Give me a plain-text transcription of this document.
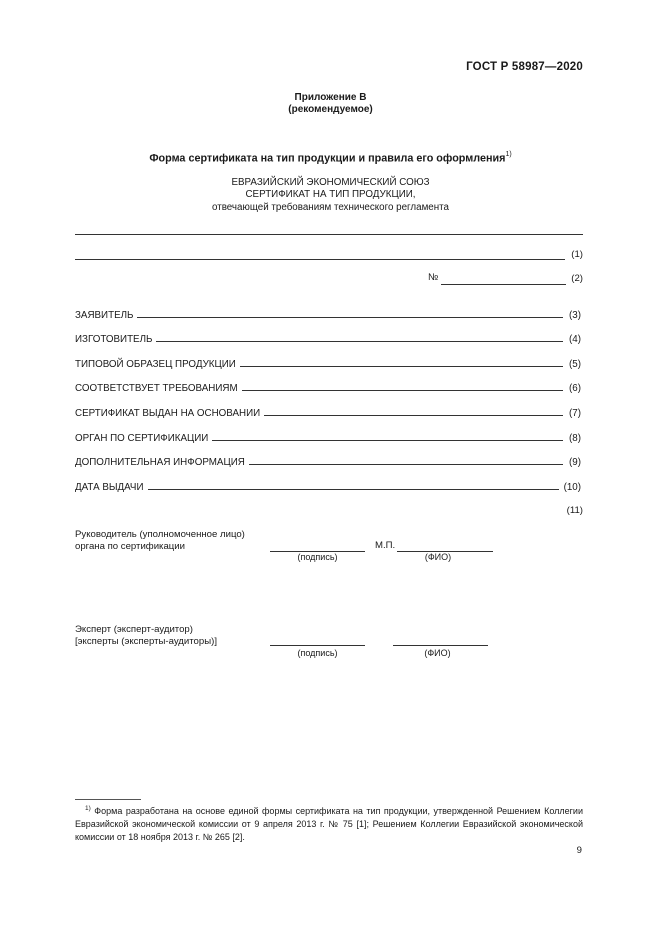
ГОСТ Р 58987—2020
Приложение В
(рекомендуемое)
Форма сертификата на тип продукции и правила его оформления$^{1)}$
ЕВРАЗИЙСКИЙ ЭКОНОМИЧЕСКИЙ СОЮЗ
СЕРТИФИКАТ НА ТИП ПРОДУКЦИИ,
отвечающей требованиям технического регламента
(1)
№	(2)
ЗАЯВИТЕЛЬ	(3)
ИЗГОТОВИТЕЛЬ	(4)
ТИПОВОЙ ОБРАЗЕЦ ПРОДУКЦИИ	(5)
СООТВЕТСТВУЕТ ТРЕБОВАНИЯМ	(6)
СЕРТИФИКАТ ВЫДАН НА ОСНОВАНИИ	(7)
ОРГАН ПО СЕРТИФИКАЦИИ	(8)
ДОПОЛНИТЕЛЬНАЯ ИНФОРМАЦИЯ	(9)
ДАТА ВЫДАЧИ	(10)
(11)
Руководитель (уполномоченное лицо)
органа по сертификации	М.П.
(подпись)	(ФИО)
Эксперт (эксперт-аудитор)
[эксперты (эксперты-аудиторы)]
(подпись)	(ФИО)
$^{1)}$ Форма разработана на основе единой формы сертификата на тип продукции, утвержденной Решением Коллегии Евразийской экономической комиссии от 9 апреля 2013 г. № 75 [1]; Решением Коллегии Евразийской экономической комиссии от 18 ноября 2013 г. № 265 [2].
9
